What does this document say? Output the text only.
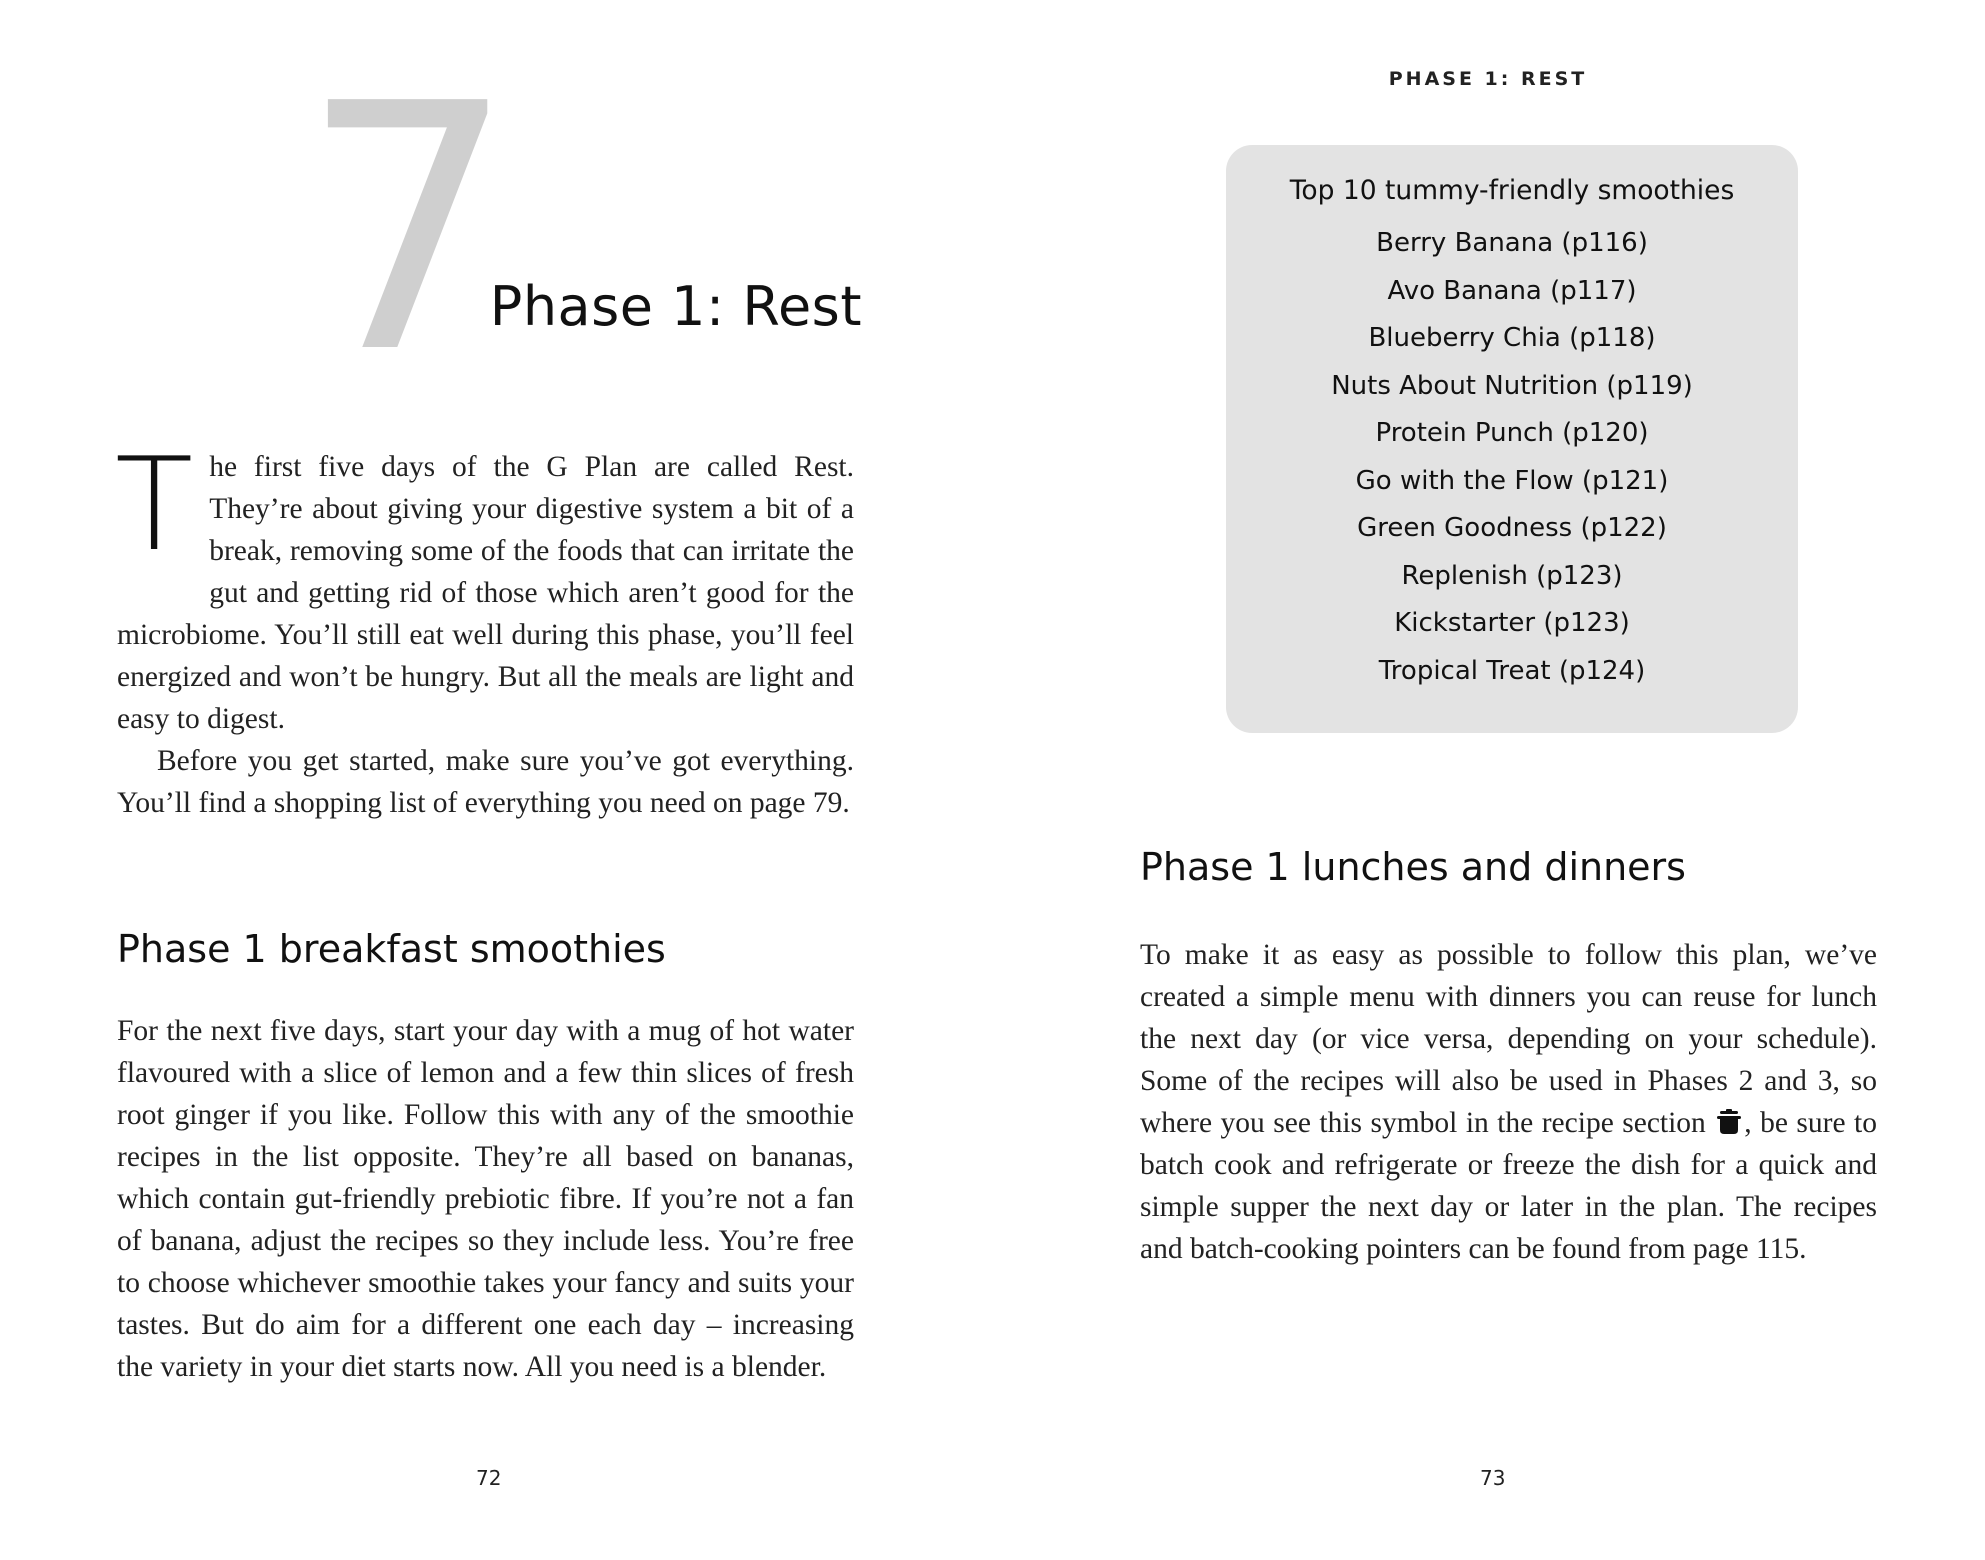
7
Phase 1: Rest

The first five days of the G Plan are called Rest. They’re about giving your digestive system a bit of a break, removing some of the foods that can irritate the gut and getting rid of those which aren’t good for the microbiome. You’ll still eat well during this phase, you’ll feel energized and won’t be hungry. But all the meals are light and easy to digest.

Before you get started, make sure you’ve got everything. You’ll find a shopping list of everything you need on page 79.

Phase 1 breakfast smoothies

For the next five days, start your day with a mug of hot water flavoured with a slice of lemon and a few thin slices of fresh root ginger if you like. Follow this with any of the smoothie recipes in the list opposite. They’re all based on bananas, which contain gut-friendly prebiotic fibre. If you’re not a fan of banana, adjust the recipes so they include less. You’re free to choose whichever smoothie takes your fancy and suits your tastes. But do aim for a different one each day – increasing the variety in your diet starts now. All you need is a blender.

72
PHASE 1: REST
Top 10 tummy-friendly smoothies
Berry Banana (p116)
Avo Banana (p117)
Blueberry Chia (p118)
Nuts About Nutrition (p119)
Protein Punch (p120)
Go with the Flow (p121)
Green Goodness (p122)
Replenish (p123)
Kickstarter (p123)
Tropical Treat (p124)
Phase 1 lunches and dinners

To make it as easy as possible to follow this plan, we’ve created a simple menu with dinners you can reuse for lunch the next day (or vice versa, depending on your schedule). Some of the recipes will also be used in Phases 2 and 3, so where you see this symbol in the recipe section , be sure to batch cook and refrigerate or freeze the dish for a quick and simple supper the next day or later in the plan. The recipes and batch-cooking pointers can be found from page 115.

73
